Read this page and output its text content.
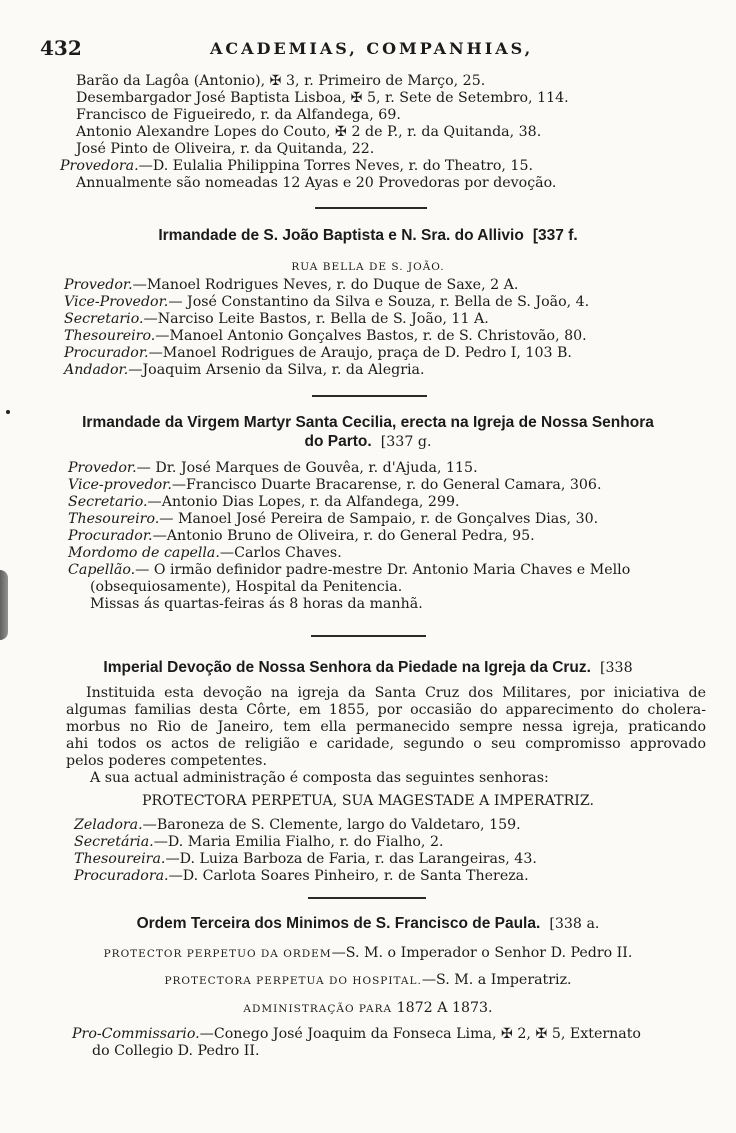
432	ACADEMIAS, COMPANHIAS,
Barão da Lagôa (Antonio), ✠ 3, r. Primeiro de Março, 25.
Desembargador José Baptista Lisboa, ✠ 5, r. Sete de Setembro, 114.
Francisco de Figueiredo, r. da Alfandega, 69.
Antonio Alexandre Lopes do Couto, ✠ 2 de P., r. da Quitanda, 38.
José Pinto de Oliveira, r. da Quitanda, 22.
Provedora.—D. Eulalia Philippina Torres Neves, r. do Theatro, 15.
Annualmente são nomeadas 12 Ayas e 20 Provedoras por devoção.
Irmandade de S. João Baptista e N. Sra. do Allivio [337 f.
RUA BELLA DE S. JOÃO.
Provedor.—Manoel Rodrigues Neves, r. do Duque de Saxe, 2 A.
Vice-Provedor.— José Constantino da Silva e Souza, r. Bella de S. João, 4.
Secretario.—Narciso Leite Bastos, r. Bella de S. João, 11 A.
Thesoureiro.—Manoel Antonio Gonçalves Bastos, r. de S. Christovão, 80.
Procurador.—Manoel Rodrigues de Araujo, praça de D. Pedro I, 103 B.
Andador.—Joaquim Arsenio da Silva, r. da Alegria.
Irmandade da Virgem Martyr Santa Cecilia, erecta na Igreja de Nossa Senhora
do Parto. [337 g.
Provedor.— Dr. José Marques de Gouvêa, r. d'Ajuda, 115.
Vice-provedor.—Francisco Duarte Bracarense, r. do General Camara, 306.
Secretario.—Antonio Dias Lopes, r. da Alfandega, 299.
Thesoureiro.— Manoel José Pereira de Sampaio, r. de Gonçalves Dias, 30.
Procurador.—Antonio Bruno de Oliveira, r. do General Pedra, 95.
Mordomo de capella.—Carlos Chaves.
Capellão.— O irmão definidor padre-mestre Dr. Antonio Maria Chaves e Mello
(obsequiosamente), Hospital da Penitencia.
Missas ás quartas-feiras ás 8 horas da manhã.
Imperial Devoção de Nossa Senhora da Piedade na Igreja da Cruz. [338
Instituida esta devoção na igreja da Santa Cruz dos Militares, por iniciativa de
algumas familias desta Côrte, em 1855, por occasião do apparecimento do cholera-
morbus no Rio de Janeiro, tem ella permanecido sempre nessa igreja, praticando
ahi todos os actos de religião e caridade, segundo o seu compromisso approvado
pelos poderes competentes.
A sua actual administração é composta das seguintes senhoras:
PROTECTORA PERPETUA, SUA MAGESTADE A IMPERATRIZ.
Zeladora.—Baroneza de S. Clemente, largo do Valdetaro, 159.
Secretária.—D. Maria Emilia Fialho, r. do Fialho, 2.
Thesoureira.—D. Luiza Barboza de Faria, r. das Larangeiras, 43.
Procuradora.—D. Carlota Soares Pinheiro, r. de Santa Thereza.
Ordem Terceira dos Minimos de S. Francisco de Paula. [338 a.
PROTECTOR PERPETUO DA ORDEM—S. M. o Imperador o Senhor D. Pedro II.
PROTECTORA PERPETUA DO HOSPITAL.—S. M. a Imperatriz.
ADMINISTRAÇÃO PARA 1872 A 1873.
Pro-Commissario.—Conego José Joaquim da Fonseca Lima, ✠ 2, ✠ 5, Externato
do Collegio D. Pedro II.
